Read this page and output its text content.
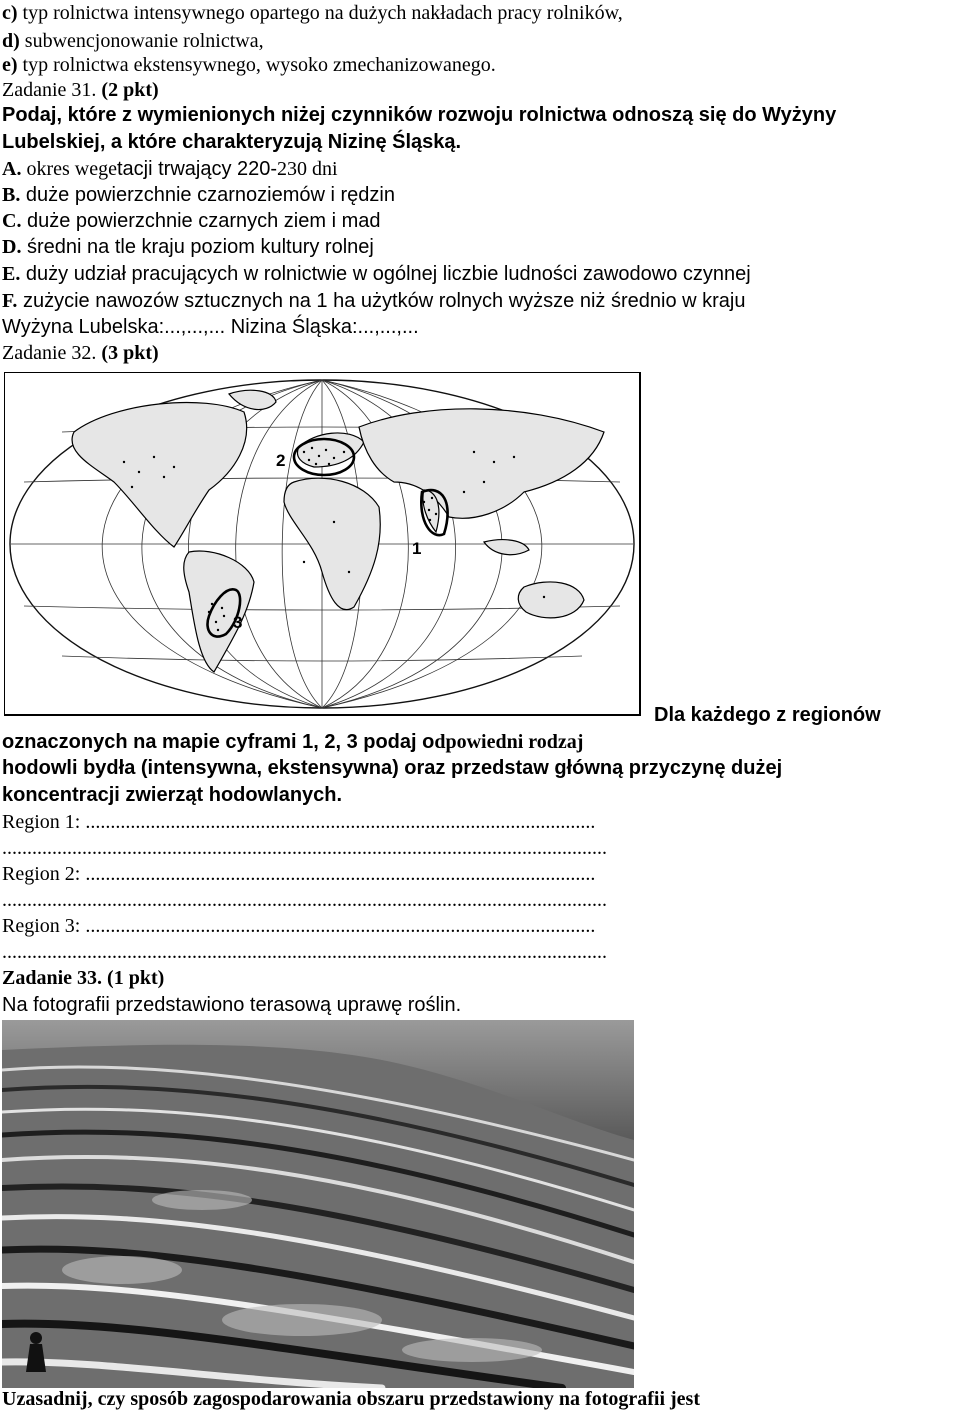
c) typ rolnictwa intensywnego opartego na dużych nakładach pracy rolników,
d) subwencjonowanie rolnictwa,
e) typ rolnictwa ekstensywnego, wysoko zmechanizowanego.
Zadanie 31. (2 pkt)
Podaj, które z wymienionych niżej czynników rozwoju rolnictwa odnoszą się do Wyżyny
Lubelskiej, a które charakteryzują Nizinę Śląską.
A. okres wegetacji trwający 220-230 dni
B. duże powierzchnie czarnoziemów i rędzin
C. duże powierzchnie czarnych ziem i mad
D. średni na tle kraju poziom kultury rolnej
E. duży udział pracujących w rolnictwie w ogólnej liczbie ludności zawodowo czynnej
F. zużycie nawozów sztucznych na 1 ha użytków rolnych wyższe niż średnio w kraju
Wyżyna Lubelska:...,...,... Nizina Śląska:...,...,...
Zadanie 32. (3 pkt)
1
2
3
Dla każdego z regionów
oznaczonych na mapie cyframi 1, 2, 3 podaj odpowiedni rodzaj
hodowli bydła (intensywna, ekstensywna) oraz przedstaw główną przyczynę dużej
koncentracji zwierząt hodowlanych.
Region 1: ......................................................................................................
.........................................................................................................................
Region 2: ......................................................................................................
.........................................................................................................................
Region 3: ......................................................................................................
.........................................................................................................................
Zadanie 33. (1 pkt)
Na fotografii przedstawiono terasową uprawę roślin.
Uzasadnij, czy sposób zagospodarowania obszaru przedstawiony na fotografii jest
